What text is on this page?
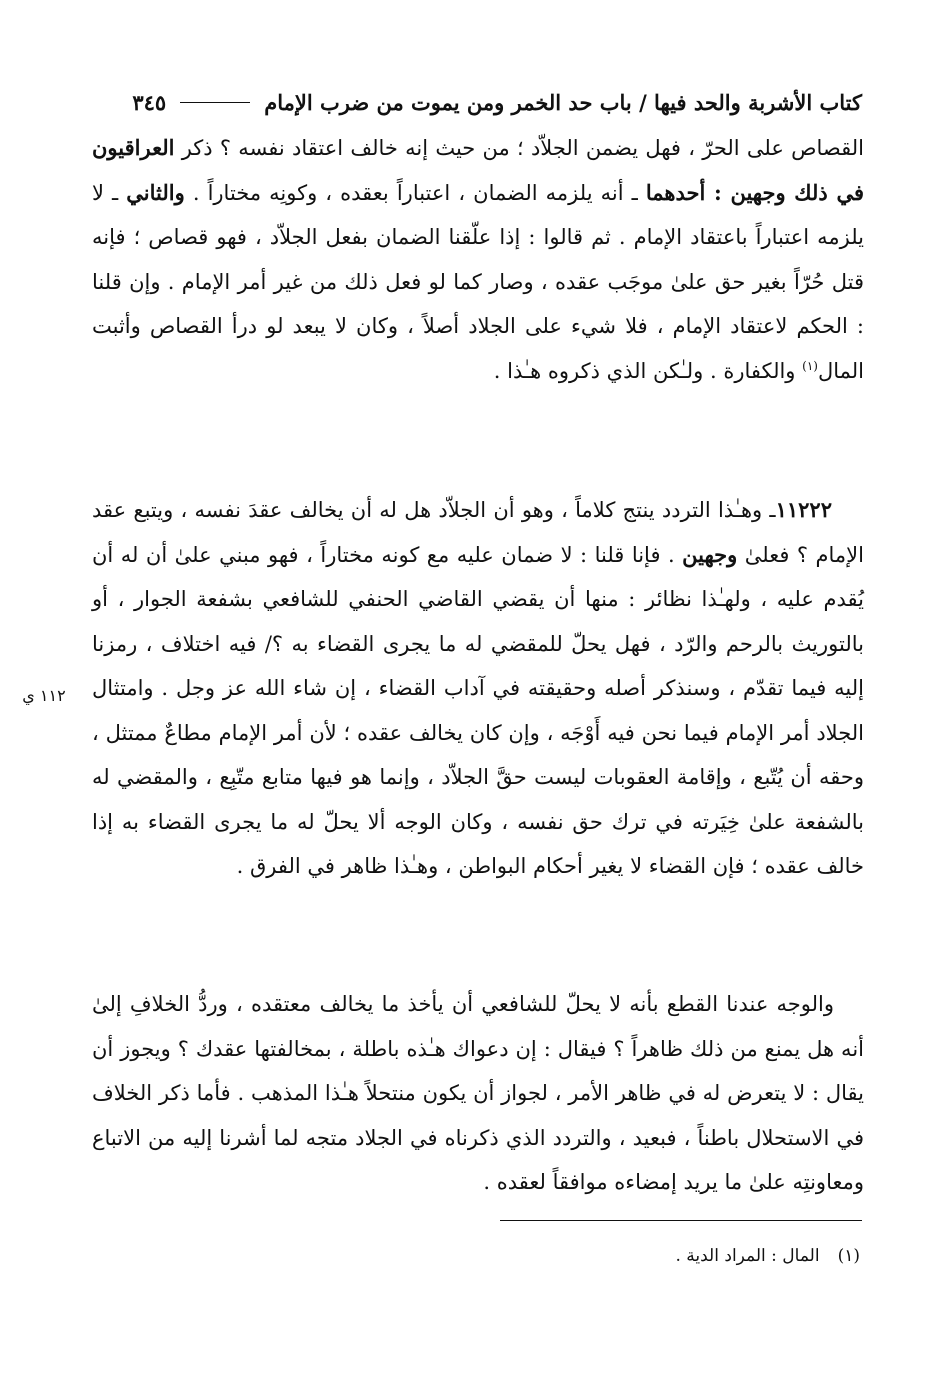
كتاب الأشربة والحد فيها / باب حد الخمر ومن يموت من ضرب الإمام
٣٤٥

القصاص على الحرّ ، فهل يضمن الجلاّد ؛ من حيث إنه خالف اعتقاد نفسه ؟ ذكر العراقيون في ذلك وجهين : أحدهما ـ أنه يلزمه الضمان ، اعتباراً بعقده ، وكونِه مختاراً . والثاني ـ لا يلزمه اعتباراً باعتقاد الإمام . ثم قالوا : إذا علّقنا الضمان بفعل الجلاّد ، فهو قصاص ؛ فإنه قتل حُرّاً بغير حق علىٰ موجَب عقده ، وصار كما لو فعل ذلك من غير أمر الإمام . وإن قلنا : الحكم لاعتقاد الإمام ، فلا شيء على الجلاد أصلاً ، وكان لا يبعد لو درأ القصاص وأثبت المال$^{(١)}$ والكفارة . ولـٰكن الذي ذكروه هـٰذا .

١١٢٢٢ـ وهـٰذا التردد ينتج كلاماً ، وهو أن الجلاّد هل له أن يخالف عقدَ نفسه ، ويتبع عقد الإمام ؟ فعلىٰ وجهين . فإنا قلنا : لا ضمان عليه مع كونه مختاراً ، فهو مبني علىٰ أن له أن يُقدم عليه ، ولهـٰذا نظائر : منها أن يقضي القاضي الحنفي للشافعي بشفعة الجوار ، أو بالتوريث بالرحم والرّد ، فهل يحلّ للمقضي له ما يجرى القضاء به ؟/ فيه اختلاف ، رمزنا إليه فيما تقدّم ، وسنذكر أصله وحقيقته في آداب القضاء ، إن شاء الله عز وجل . وامتثال الجلاد أمر الإمام فيما نحن فيه أَوْجَه ، وإن كان يخالف عقده ؛ لأن أمر الإمام مطاعٌ ممتثل ، وحقه أن يُتّبع ، وإقامة العقوبات ليست حقَّ الجلاّد ، وإنما هو فيها متابع متّبِع ، والمقضي له بالشفعة علىٰ خِيَرته في ترك حق نفسه ، وكان الوجه ألا يحلّ له ما يجرى القضاء به إذا خالف عقده ؛ فإن القضاء لا يغير أحكام البواطن ، وهـٰذا ظاهر في الفرق .

والوجه عندنا القطع بأنه لا يحلّ للشافعي أن يأخذ ما يخالف معتقده ، وردُّ الخلافِ إلىٰ أنه هل يمنع من ذلك ظاهراً ؟ فيقال : إن دعواك هـٰذه باطلة ، بمخالفتها عقدك ؟ ويجوز أن يقال : لا يتعرض له في ظاهر الأمر ، لجواز أن يكون منتحلاً هـٰذا المذهب . فأما ذكر الخلاف في الاستحلال باطناً ، فبعيد ، والتردد الذي ذكرناه في الجلاد متجه لما أشرنا إليه من الاتباع ومعاونتِه علىٰ ما يريد إمضاءه موافقاً لعقده .

١١٢ ي

(١)المال : المراد الدية .
